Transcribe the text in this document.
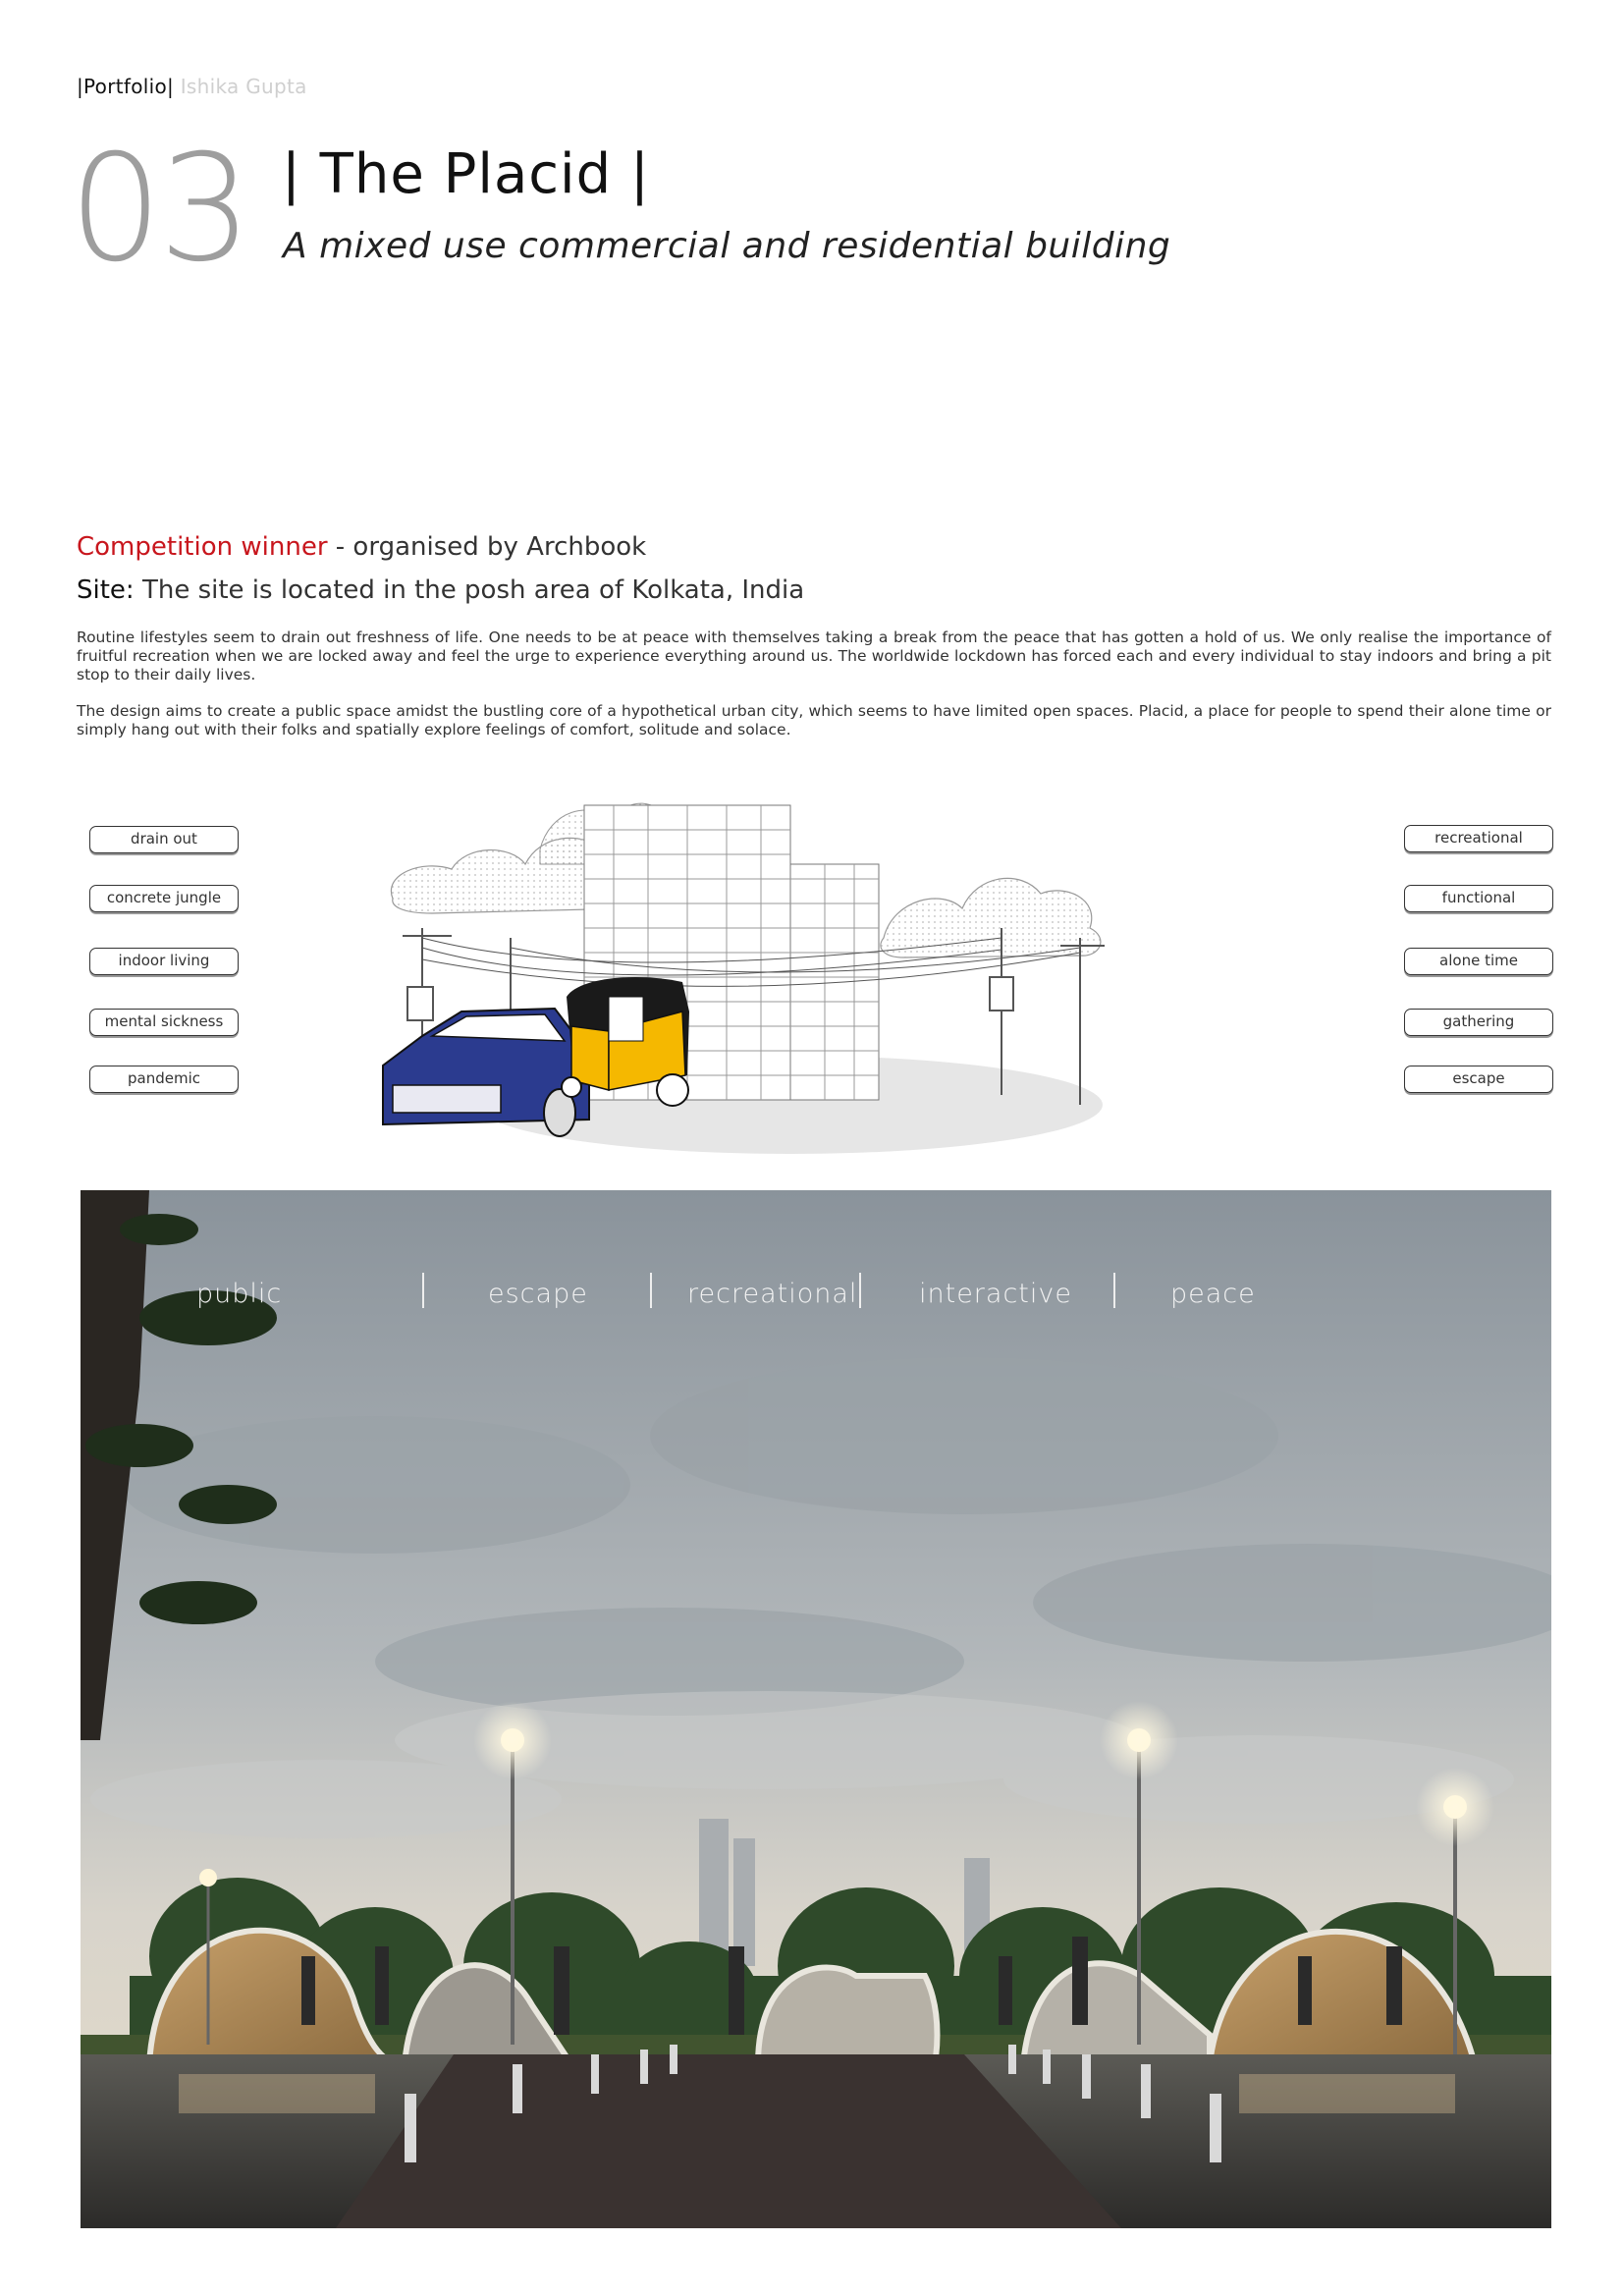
|Portfolio| Ishika Gupta
03 | The Placid |
A mixed use commercial and residential building
Competition winner - organised by Archbook
Site: The site is located in the posh area of Kolkata, India
Routine lifestyles seem to drain out freshness of life. One needs to be at peace with themselves taking a break from the peace that has gotten a hold of us. We only realise the importance of fruitful recreation when we are locked away and feel the urge to experience everything around us. The worldwide lockdown has forced each and every individual to stay indoors and bring a pit stop to their daily lives.
The design aims to create a public space amidst the bustling core of a hypothetical urban city, which seems to have limited open spaces. Placid, a place for people to spend their alone time or simply hang out with their folks and spatially explore feelings of comfort, solitude and solace.
drain out
concrete jungle
indoor living
mental sickness
pandemic
recreational
functional
alone time
gathering
escape
public	escape	recreational interactive	peace
